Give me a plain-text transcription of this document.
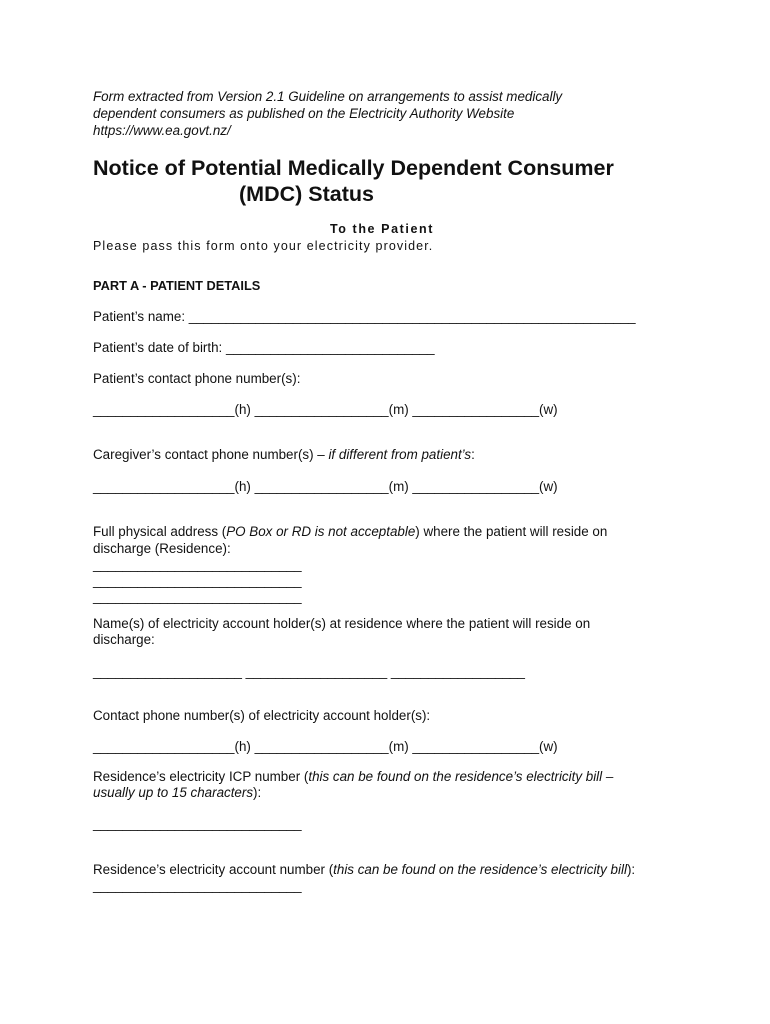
Form extracted from Version 2.1 Guideline on arrangements to assist medically
dependent consumers as published on the Electricity Authority Website
https://www.ea.govt.nz/
Notice of Potential Medically Dependent Consumer
(MDC) Status
To the Patient
Please pass this form onto your electricity provider.
PART A - PATIENT DETAILS
Patient’s name: ____________________________________________________________
Patient’s date of birth: ____________________________
Patient’s contact phone number(s):
___________________(h) __________________(m) _________________(w)
Caregiver’s contact phone number(s) – if different from patient’s:
___________________(h) __________________(m) _________________(w)
Full physical address (PO Box or RD is not acceptable) where the patient will reside on
discharge (Residence):
____________________________
____________________________
____________________________
Name(s) of electricity account holder(s) at residence where the patient will reside on
discharge:
____________________ ___________________ __________________
Contact phone number(s) of electricity account holder(s):
___________________(h) __________________(m) _________________(w)
Residence’s electricity ICP number (this can be found on the residence’s electricity bill –
usually up to 15 characters):
____________________________
Residence’s electricity account number (this can be found on the residence’s electricity bill):
____________________________
